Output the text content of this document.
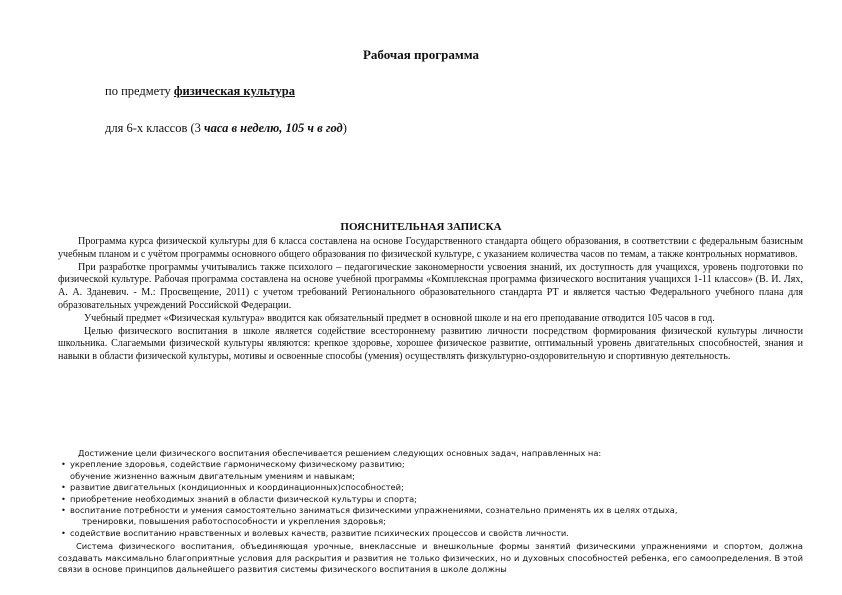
Рабочая программа
по предмету физическая культура
для 6-х классов (3 часа в неделю, 105 ч в год)
ПОЯСНИТЕЛЬНАЯ ЗАПИСКА

Программа курса физической культуры для 6 класса составлена на основе Государственного стандарта общего образования, в соответствии с федеральным базисным учебным планом и с учётом программы основного общего образования по физической культуре, с указанием количества часов по темам, а также контрольных нормативов.

При разработке программы учитывались также психолого – педагогические закономерности усвоения знаний, их доступность для учащихся, уровень подготовки по физической культуре. Рабочая программа составлена на основе учебной программы «Комплексная программа физического воспитания учащихся 1-11 классов» (В. И. Лях, А. А. Зданевич. - М.: Просвещение, 2011) с учетом требований Регионального образовательного стандарта РТ и является частью Федерального учебного плана для образовательных учреждений Российской Федерации.

Учебный предмет «Физическая культура» вводится как обязательный предмет в основной школе и на его преподавание отводится 105 часов в год.

Целью физического воспитания в школе является содействие всестороннему развитию личности посредством формирования физической культуры личности школьника. Слагаемыми физической культуры являются: крепкое здоровье, хорошее физическое развитие, оптимальный уровень двигательных способностей, знания и навыки в области физической культуры, мотивы и освоенные способы (умения) осуществлять физкультурно-оздоровительную и спортивную деятельность.

Достижение цели физического воспитания обеспечивается решением следующих основных задач, направленных на:

• укрепление здоровья, содействие гармоническому физическому развитию;
обучение жизненно важным двигательным умениям и навыкам;
• развитие двигательных (кондиционных и координационных)способностей;
• приобретение необходимых знаний в области физической культуры и спорта;
• воспитание потребности и умения самостоятельно заниматься физическими упражнениями, сознательно применять их в целях отдыха,
тренировки, повышения работоспособности и укрепления здоровья;
• содействие воспитанию нравственных и волевых качеств, развитие психических процессов и свойств личности.

Система физического воспитания, объединяющая урочные, внеклассные и внешкольные формы занятий физическими упражнениями и спортом, должна создавать максимально благоприятные условия для раскрытия и развития не только физических, но и духовных способностей ребенка, его самоопределения. В этой связи в основе принципов дальнейшего развития системы физического воспитания в школе должны
